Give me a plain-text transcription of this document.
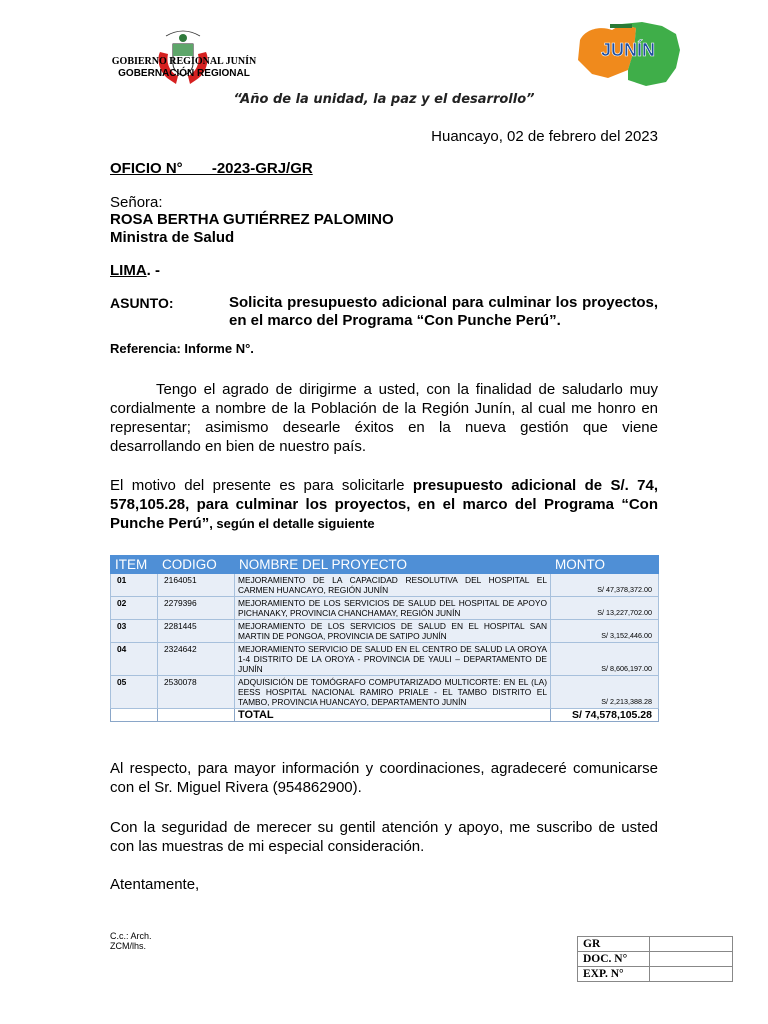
GOBIERNO REGIONAL JUNÍN
GOBERNACIÓN REGIONAL
JUNÍN
“Año de la unidad, la paz y el desarrollo”
Huancayo, 02 de febrero del 2023
OFICIO N°       -2023-GRJ/GR
Señora:
ROSA BERTHA GUTIÉRREZ PALOMINO
Ministra de Salud
LIMA. -
ASUNTO:	Solicita presupuesto adicional para culminar los proyectos, en el marco del Programa “Con Punche Perú”.
Referencia: Informe N°.
Tengo el agrado de dirigirme a usted, con la finalidad de saludarlo muy cordialmente a nombre de la Población de la Región Junín, al cual me honro en representar; asimismo desearle éxitos en la nueva gestión que viene desarrollando en bien de nuestro país.
El motivo del presente es para solicitarle presupuesto adicional de S/. 74, 578,105.28, para culminar los proyectos, en el marco del Programa “Con Punche Perú”, según el detalle siguiente
ITEM	CODIGO	NOMBRE DEL PROYECTO	MONTO
01	2164051	MEJORAMIENTO DE LA CAPACIDAD RESOLUTIVA DEL HOSPITAL EL CARMEN HUANCAYO, REGIÓN JUNÍN	S/ 47,378,372.00
02	2279396	MEJORAMIENTO DE LOS SERVICIOS DE SALUD DEL HOSPITAL DE APOYO PICHANAKY, PROVINCIA CHANCHAMAY, REGIÓN JUNÍN	S/ 13,227,702.00
03	2281445	MEJORAMIENTO DE LOS SERVICIOS DE SALUD EN EL HOSPITAL SAN MARTIN DE PONGOA, PROVINCIA DE SATIPO JUNÍN	S/ 3,152,446.00
04	2324642	MEJORAMIENTO SERVICIO DE SALUD EN EL CENTRO DE SALUD LA OROYA 1-4 DISTRITO DE LA OROYA - PROVINCIA DE YAULI – DEPARTAMENTO DE JUNÍN	S/ 8,606,197.00
05	2530078	ADQUISICIÓN DE TOMÓGRAFO COMPUTARIZADO MULTICORTE: EN EL (LA) EESS HOSPITAL NACIONAL RAMIRO PRIALE - EL TAMBO DISTRITO EL TAMBO, PROVINCIA HUANCAYO, DEPARTAMENTO JUNÍN	S/ 2,213,388.28
		TOTAL	S/ 74,578,105.28
Al respecto, para mayor información y coordinaciones, agradeceré comunicarse con el Sr. Miguel Rivera (954862900).
Con la seguridad de merecer su gentil atención y apoyo, me suscribo de usted con las muestras de mi especial consideración.
Atentamente,
C.c.: Arch.
ZCM/lhs.	GR	
DOC. N°	
EXP. N°	
